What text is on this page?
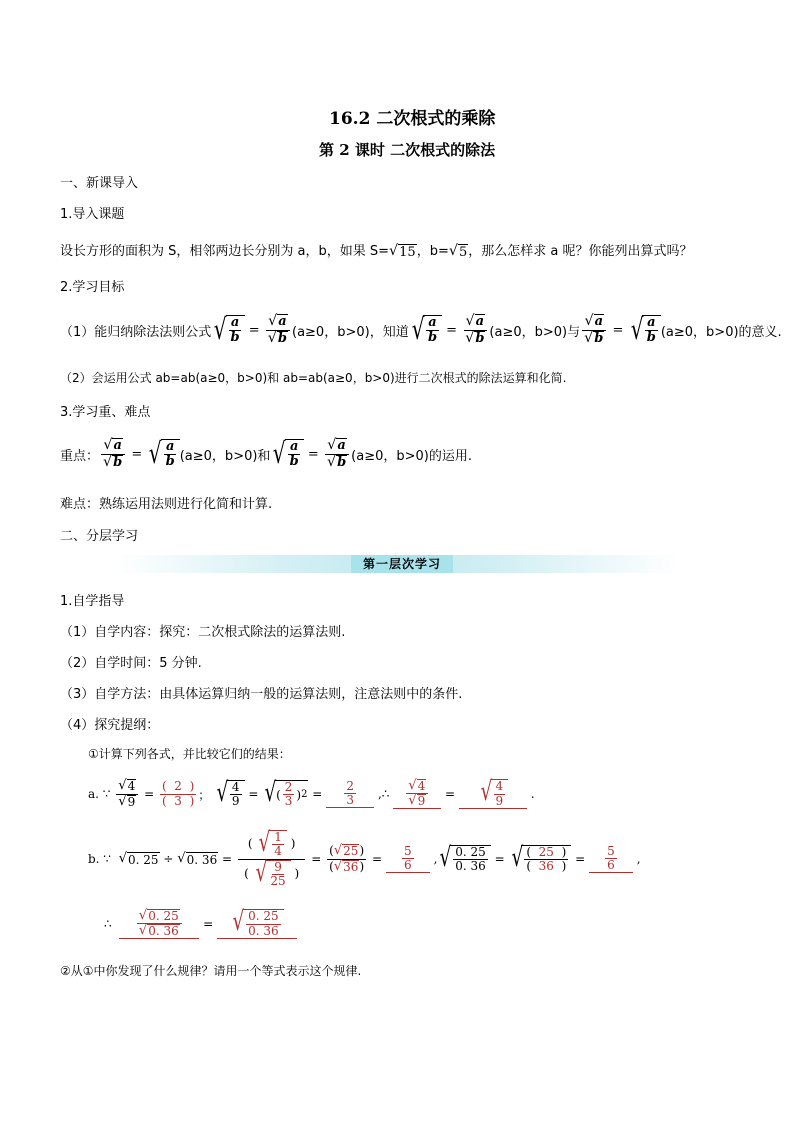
16.2 二次根式的乘除
第 2 课时 二次根式的除法
一、新课导入
1.导入课题
设长方形的面积为 S，相邻两边长分别为 a，b，如果 S= √ 15 ，b= √ 5 ，那么怎样求 a 呢？你能列出算式吗？
2.学习目标
（1）能归纳除法法则公式 √ a
$b = \frac{√ a}{√ b} (a\ge 0$，b>0)，知道 √ a
$b = \frac{√ a}{√ b} (a\ge 0$，b>0)与 $\frac{√ a}{√ b}$ = √ a
b (a≥0，b>0)的意义.
（2）会运用公式 ab=ab(a≥0，b>0)和 ab=ab(a≥0，b>0)进行二次根式的除法运算和化简.
3.学习重、难点
重点： $\frac{√ a}{√ b}$ = √ a
b (a≥0，b>0)和 √ a
$b = \frac{√ a}{√ b} (a\ge 0$，b>0)的运用.
难点：熟练运用法则进行化简和计算.
二、分层学习
第一层次学习
1.自学指导
（1）自学内容：探究：二次根式除法的运算法则.
（2）自学时间：5 分钟.
（3）自学方法：由具体运算归纳一般的运算法则，注意法则中的条件.
（4）探究提纲：
①计算下列各式，并比较它们的结果：
a. ∵

√ 4
√ 9
=
(  2  )
(  3  ) ； √ 4
9 = √ (
2
3 ) $2 = \frac{2}{3}$ ,∴ $\frac{√ 4}{√ 9}$ = √ 4
9 .
b. ∵
√ 0. 25
÷
√ 0. 36 =
( √ 1
4
)
( √ 9
25
)
=
( √ 25 )
( √ 36 )
= $\frac{5}{6}$ , √ 0. 25
0. 36 = √ (  25  )
(  36  ) = $\frac{5}{6}$ ,
∴
$\frac{√ 0. 25}{√ 0. 36}$ = √ 0. 25
0. 36
②从①中你发现了什么规律？请用一个等式表示这个规律.
